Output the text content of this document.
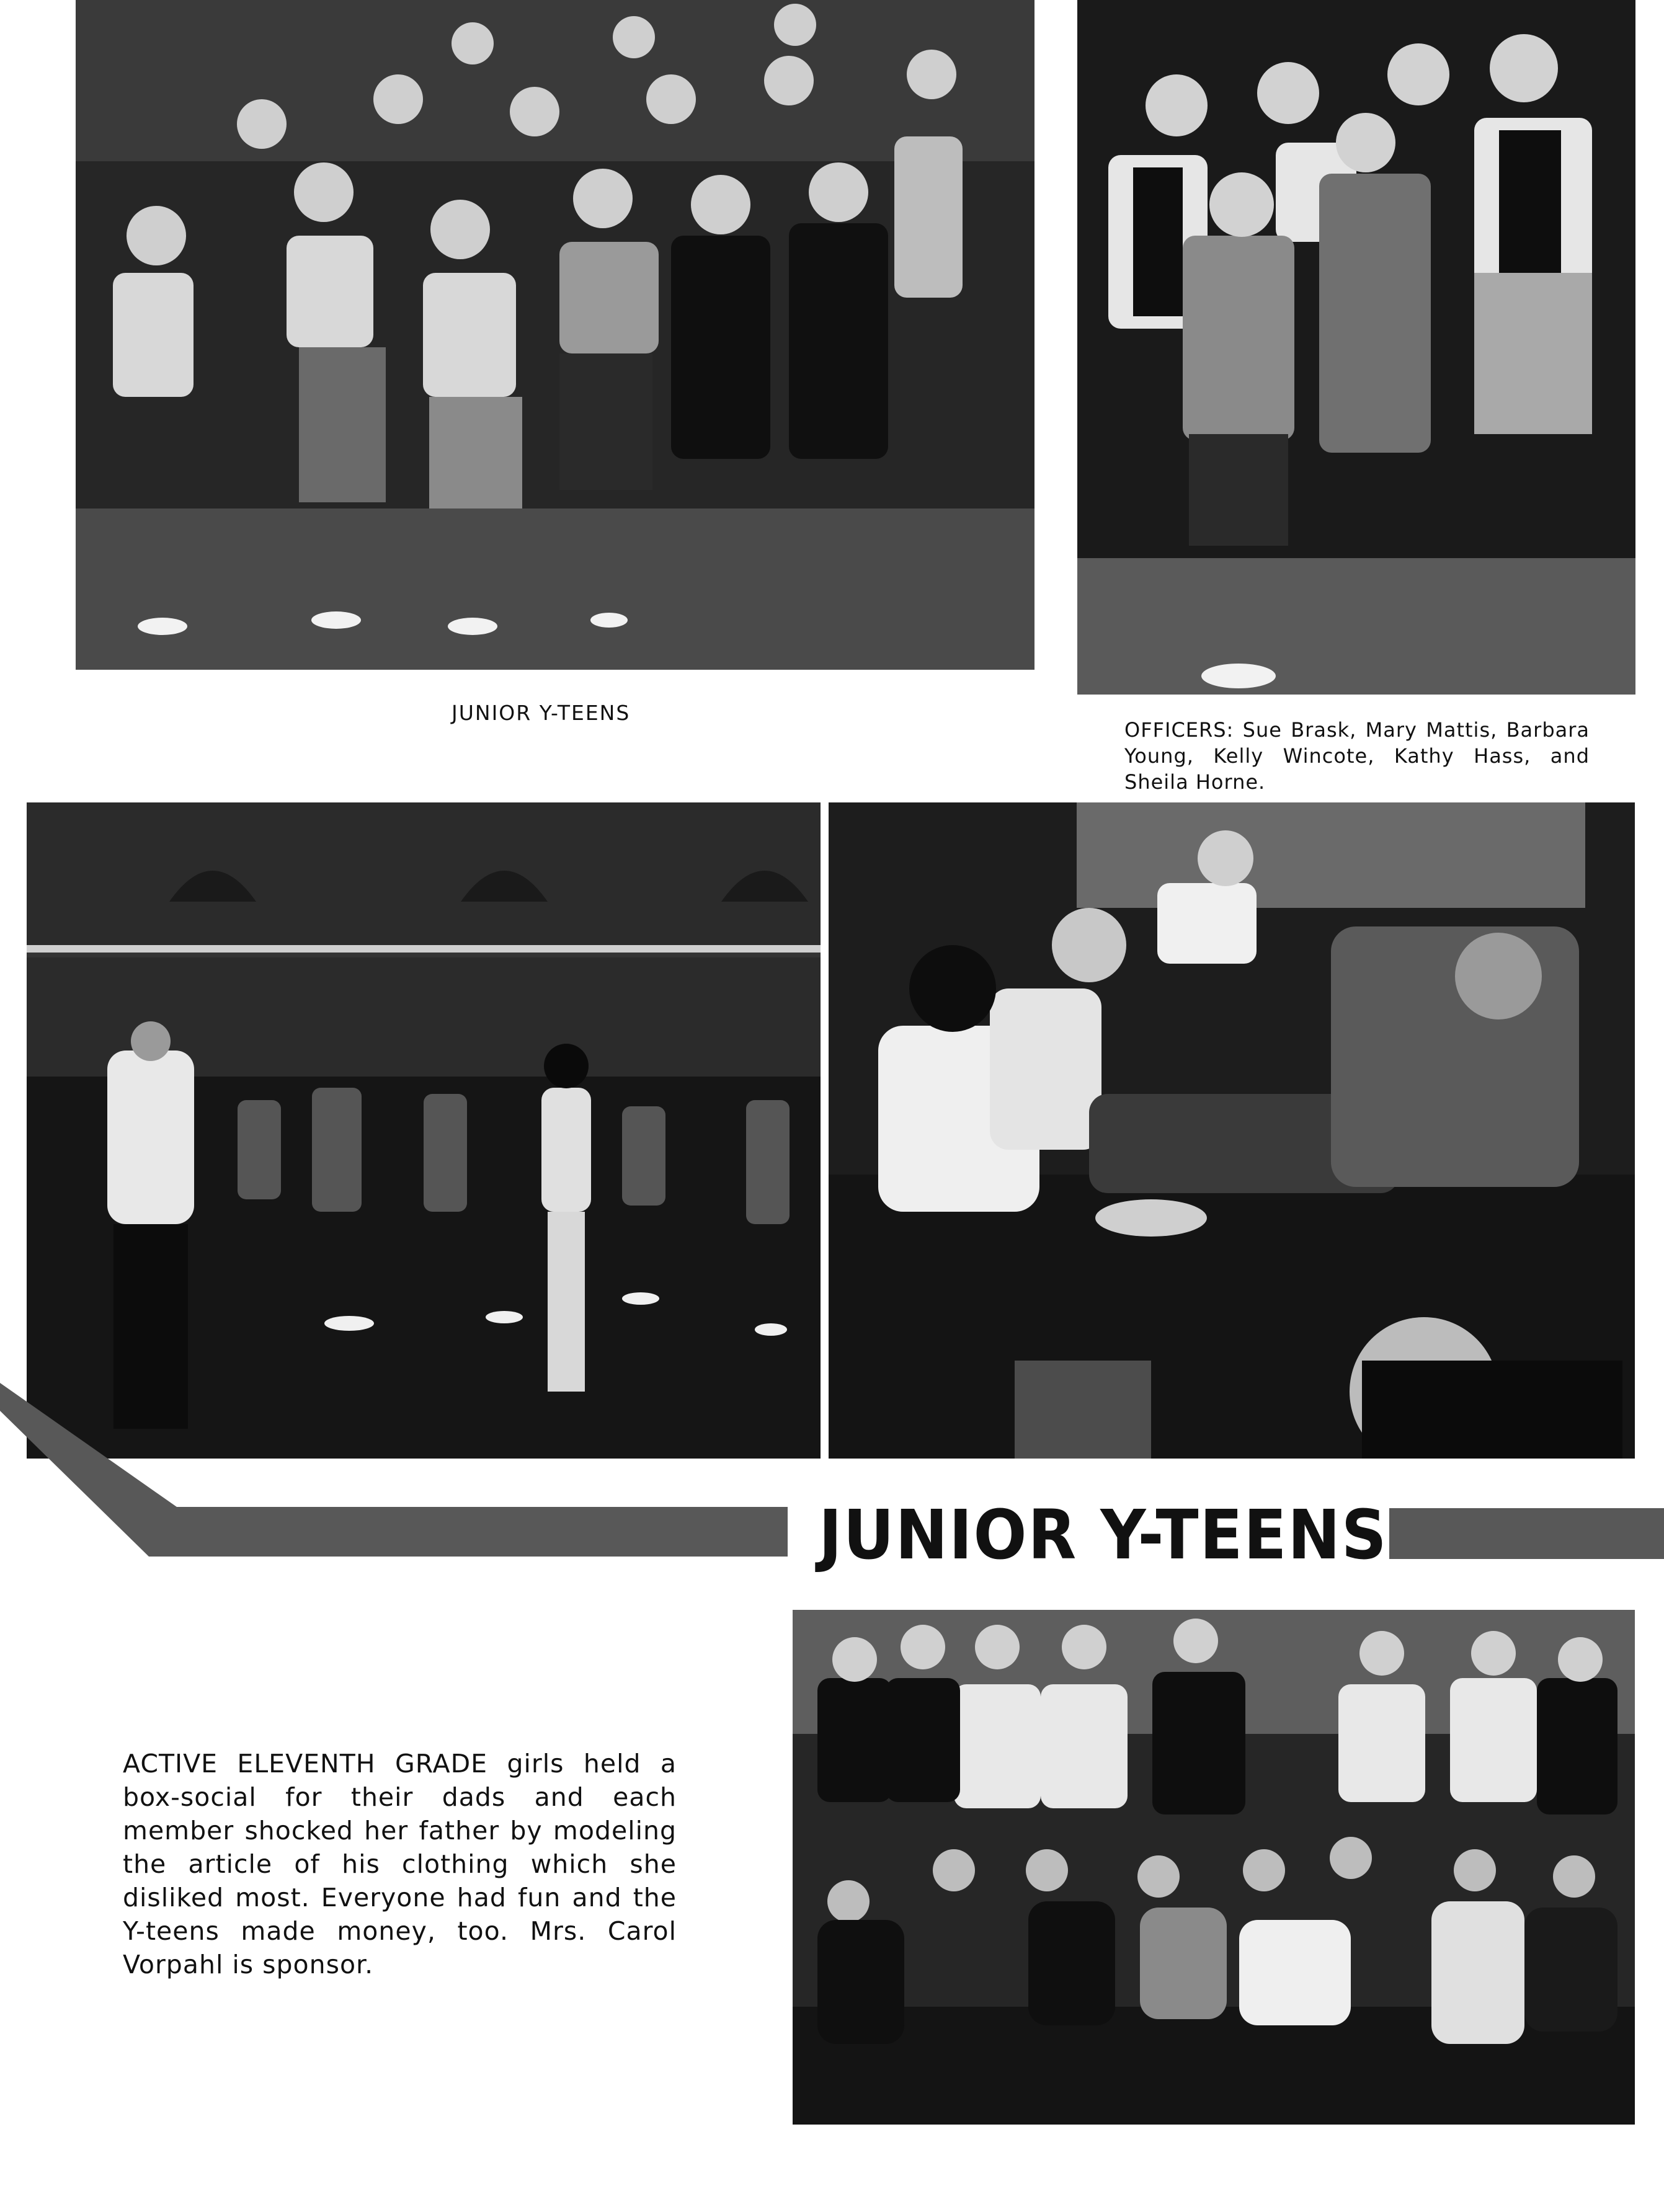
JUNIOR Y-TEENS
OFFICERS: Sue Brask, Mary Mattis, Barbara Young, Kelly Wincote, Kathy Hass, and Sheila Horne.
JUNIOR Y-TEENS
ACTIVE ELEVENTH GRADE girls held a box-social for their dads and each member shocked her father by modeling the article of his clothing which she disliked most. Everyone had fun and the Y-teens made money, too. Mrs. Carol Vorpahl is sponsor.
